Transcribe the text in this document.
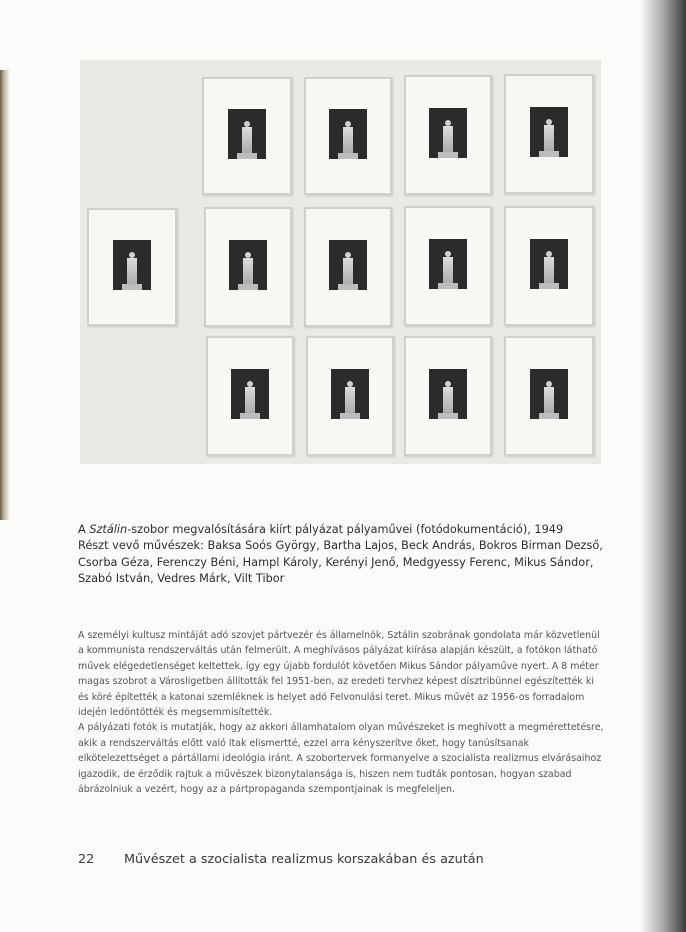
A Sztálin-szobor megvalósítására kiírt pályázat pályaművei (fotódokumentáció), 1949
Részt vevő művészek: Baksa Soós György, Bartha Lajos, Beck András, Bokros Birman Dezső,
Csorba Géza, Ferenczy Béni, Hampl Károly, Kerényi Jenő, Medgyessy Ferenc, Mikus Sándor,
Szabó István, Vedres Márk, Vilt Tibor

A személyi kultusz mintáját adó szovjet pártvezér és államelnök, Sztálin szobrának gondolata már közvetlenül a kommunista rendszerváltás után felmerült. A meghívásos pályázat kiírása alapján készült, a fotókon látható művek elégedetlenséget keltettek, így egy újabb fordulót követően Mikus Sándor pályaműve nyert. A 8 méter magas szobrot a Városligetben állították fel 1951-ben, az eredeti tervhez képest dísztribünnel egészítették ki és köré építették a katonai szemléknek is helyet adó Felvonulási teret. Mikus művét az 1956-os forradalom idején ledöntötték és megsemmisítették.

A pályázati fotók is mutatják, hogy az akkori államhatalom olyan művészeket is meghívott a megmérettetésre, akik a rendszerváltás előtt való ltak elismertté, ezzel arra kényszerítve őket, hogy tanúsítsanak elkötelezettséget a pártállami ideológia iránt. A szobortervek formanyelve a szocialista realizmus elvárásaihoz igazodik, de érződik rajtuk a művészek bizonytalansága is, hiszen nem tudták pontosan, hogyan szabad ábrázolniuk a vezért, hogy az a pártpropaganda szempontjainak is megfeleljen.

22 Művészet a szocialista realizmus korszakában és azután
